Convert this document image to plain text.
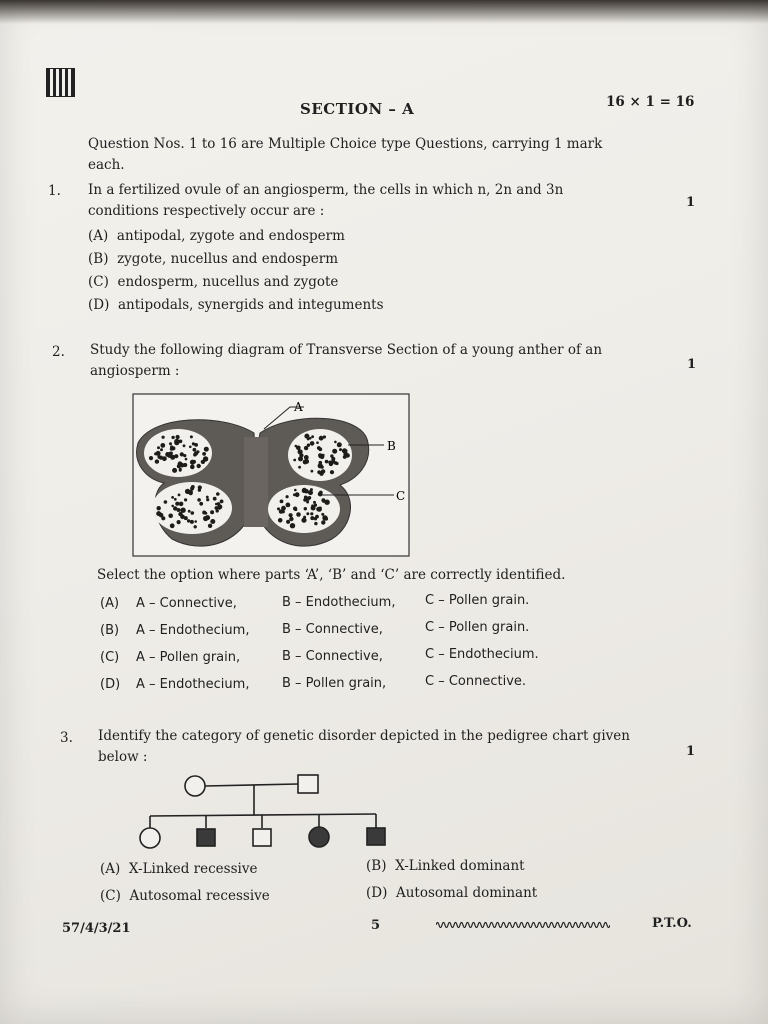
SECTION – A	16 × 1 = 16
Question Nos. 1 to 16 are Multiple Choice type Questions, carrying 1 mark
each.
1. In a fertilized ovule of an angiosperm, the cells in which n, 2n and 3n
conditions respectively occur are :
1
(A) antipodal, zygote and endosperm
(B) zygote, nucellus and endosperm
(C) endosperm, nucellus and zygote
(D) antipodals, synergids and integuments
2. Study the following diagram of Transverse Section of a young anther of an
angiosperm :	1
A
B
C
Select the option where parts ‘A’, ‘B’ and ‘C’ are correctly identified.
(A) A – Connective,	B – Endothecium, C – Pollen grain.
(B) A – Endothecium,	B – Connective,	C – Pollen grain.
(C) A – Pollen grain,	B – Connective,	C – Endothecium.
(D) A – Endothecium,	B – Pollen grain,	C – Connective.
3. Identify the category of genetic disorder depicted in the pedigree chart given
below :	1
(A) X-Linked recessive	(B) X-Linked dominant
(C) Autosomal recessive	(D) Autosomal dominant
57/4/3/21	5	P.T.O.
